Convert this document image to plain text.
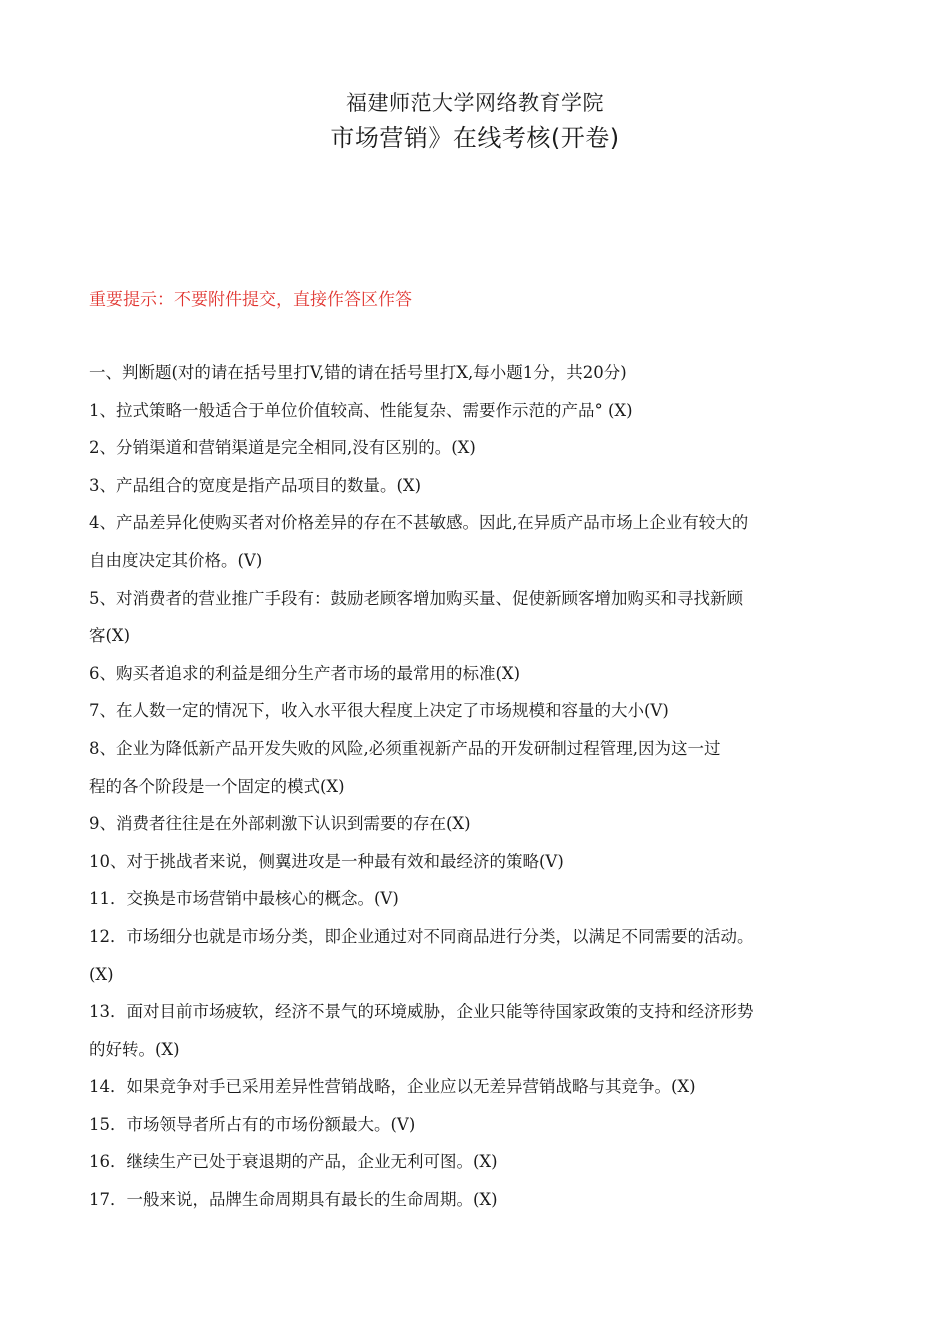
福建师范大学网络教育学院
市场营销》在线考核(开卷)
重要提示：不要附件提交，直接作答区作答
一、判断题(对的请在括号里打V,错的请在括号里打X,每小题1分，共20分)
1、拉式策略一般适合于单位价值较高、性能复杂、需要作示范的产品° (X)
2、分销渠道和营销渠道是完全相同,没有区别的。(X)
3、产品组合的宽度是指产品项目的数量。(X)
4、产品差异化使购买者对价格差异的存在不甚敏感。因此,在异质产品市场上企业有较大的
自由度决定其价格。(V)
5、对消费者的营业推广手段有：鼓励老顾客增加购买量、促使新顾客增加购买和寻找新顾
客(X)
6、购买者追求的利益是细分生产者市场的最常用的标准(X)
7、在人数一定的情况下，收入水平很大程度上决定了市场规模和容量的大小(V)
8、企业为降低新产品开发失败的风险,必须重视新产品的开发研制过程管理,因为这一过
程的各个阶段是一个固定的模式(X)
9、消费者往往是在外部刺激下认识到需要的存在(X)
10、对于挑战者来说，侧翼进攻是一种最有效和最经济的策略(V)
11．交换是市场营销中最核心的概念。(V)
12．市场细分也就是市场分类，即企业通过对不同商品进行分类，以满足不同需要的活动。
(X)
13．面对目前市场疲软，经济不景气的环境威胁，企业只能等待国家政策的支持和经济形势
的好转。(X)
14．如果竞争对手已采用差异性营销战略，企业应以无差异营销战略与其竞争。(X)
15．市场领导者所占有的市场份额最大。(V)
16．继续生产已处于衰退期的产品，企业无利可图。(X)
17．一般来说，品牌生命周期具有最长的生命周期。(X)
